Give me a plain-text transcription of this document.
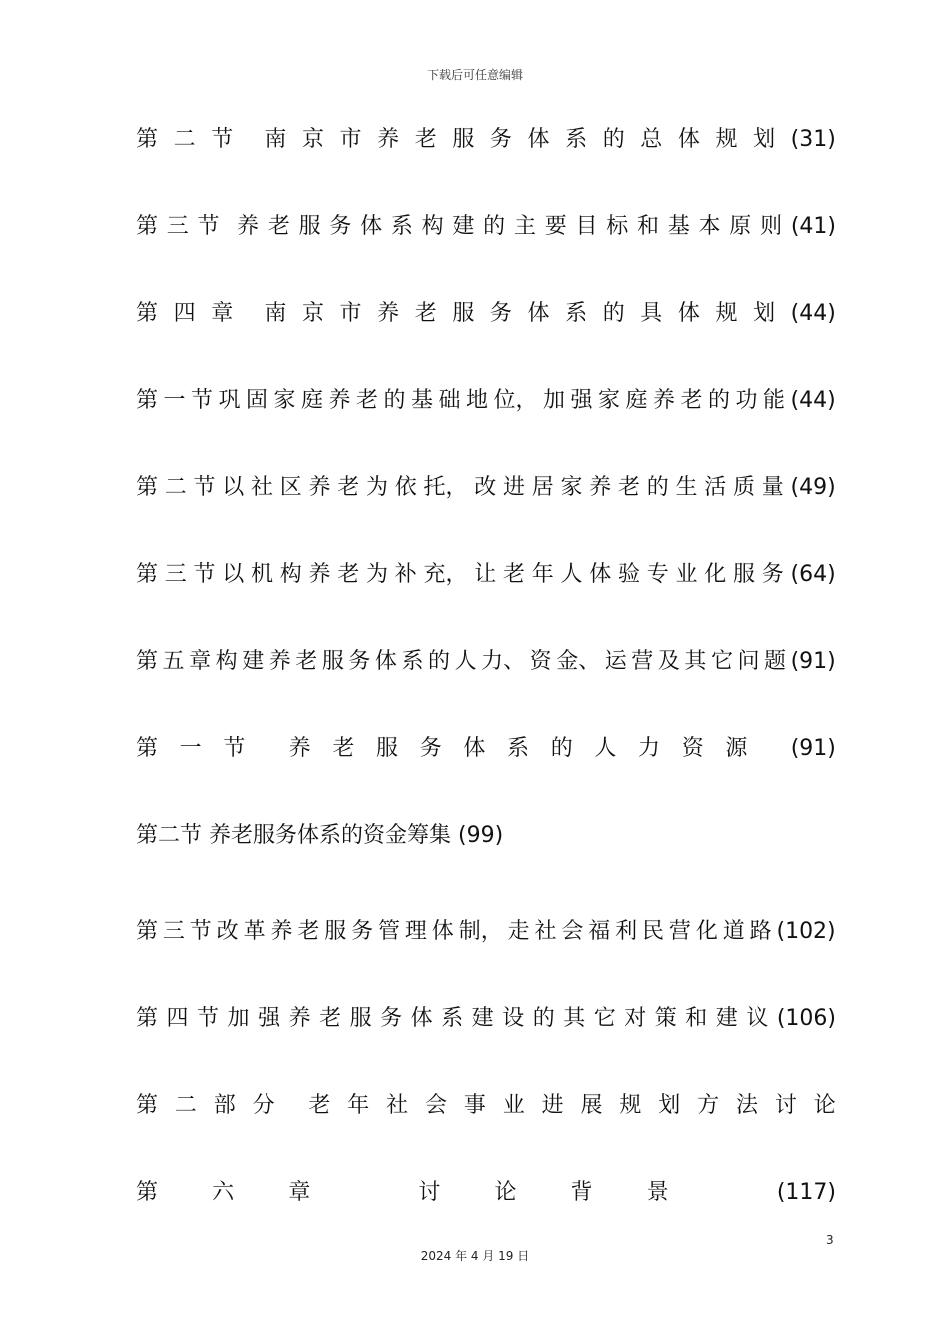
下载后可任意编辑
第 二 节 南 京 市 养 老 服 务 体 系 的 总 体 规 划 (31)
第 三 节 养 老 服 务 体 系 构 建 的 主 要 目 标 和 基 本 原 则 (41)
第 四 章 南 京 市 养 老 服 务 体 系 的 具 体 规 划 (44)
第 一 节 巩 固 家 庭 养 老 的 基 础 地 位， 加 强 家 庭 养 老 的 功 能 (44)
第 二 节 以 社 区 养 老 为 依 托， 改 进 居 家 养 老 的 生 活 质 量 (49)
第 三 节 以 机 构 养 老 为 补 充， 让 老 年 人 体 验 专 业 化 服 务 (64)
第 五 章 构 建 养 老 服 务 体 系 的 人 力、 资 金、 运 营 及 其 它 问 题 (91)
第 一 节 养 老 服 务 体 系 的 人 力 资 源 (91)
第二节 养老服务体系的资金筹集 (99)
第 三 节 改 革 养 老 服 务 管 理 体 制， 走 社 会 福 利 民 营 化 道 路 (102)
第 四 节 加 强 养 老 服 务 体 系 建 设 的 其 它 对 策 和 建 议 (106)
第 二 部 分 老 年 社 会 事 业 进 展 规 划 方 法 讨 论
第 六 章	讨 论 背 景	(117)
3
2024 年 4 月 19 日
